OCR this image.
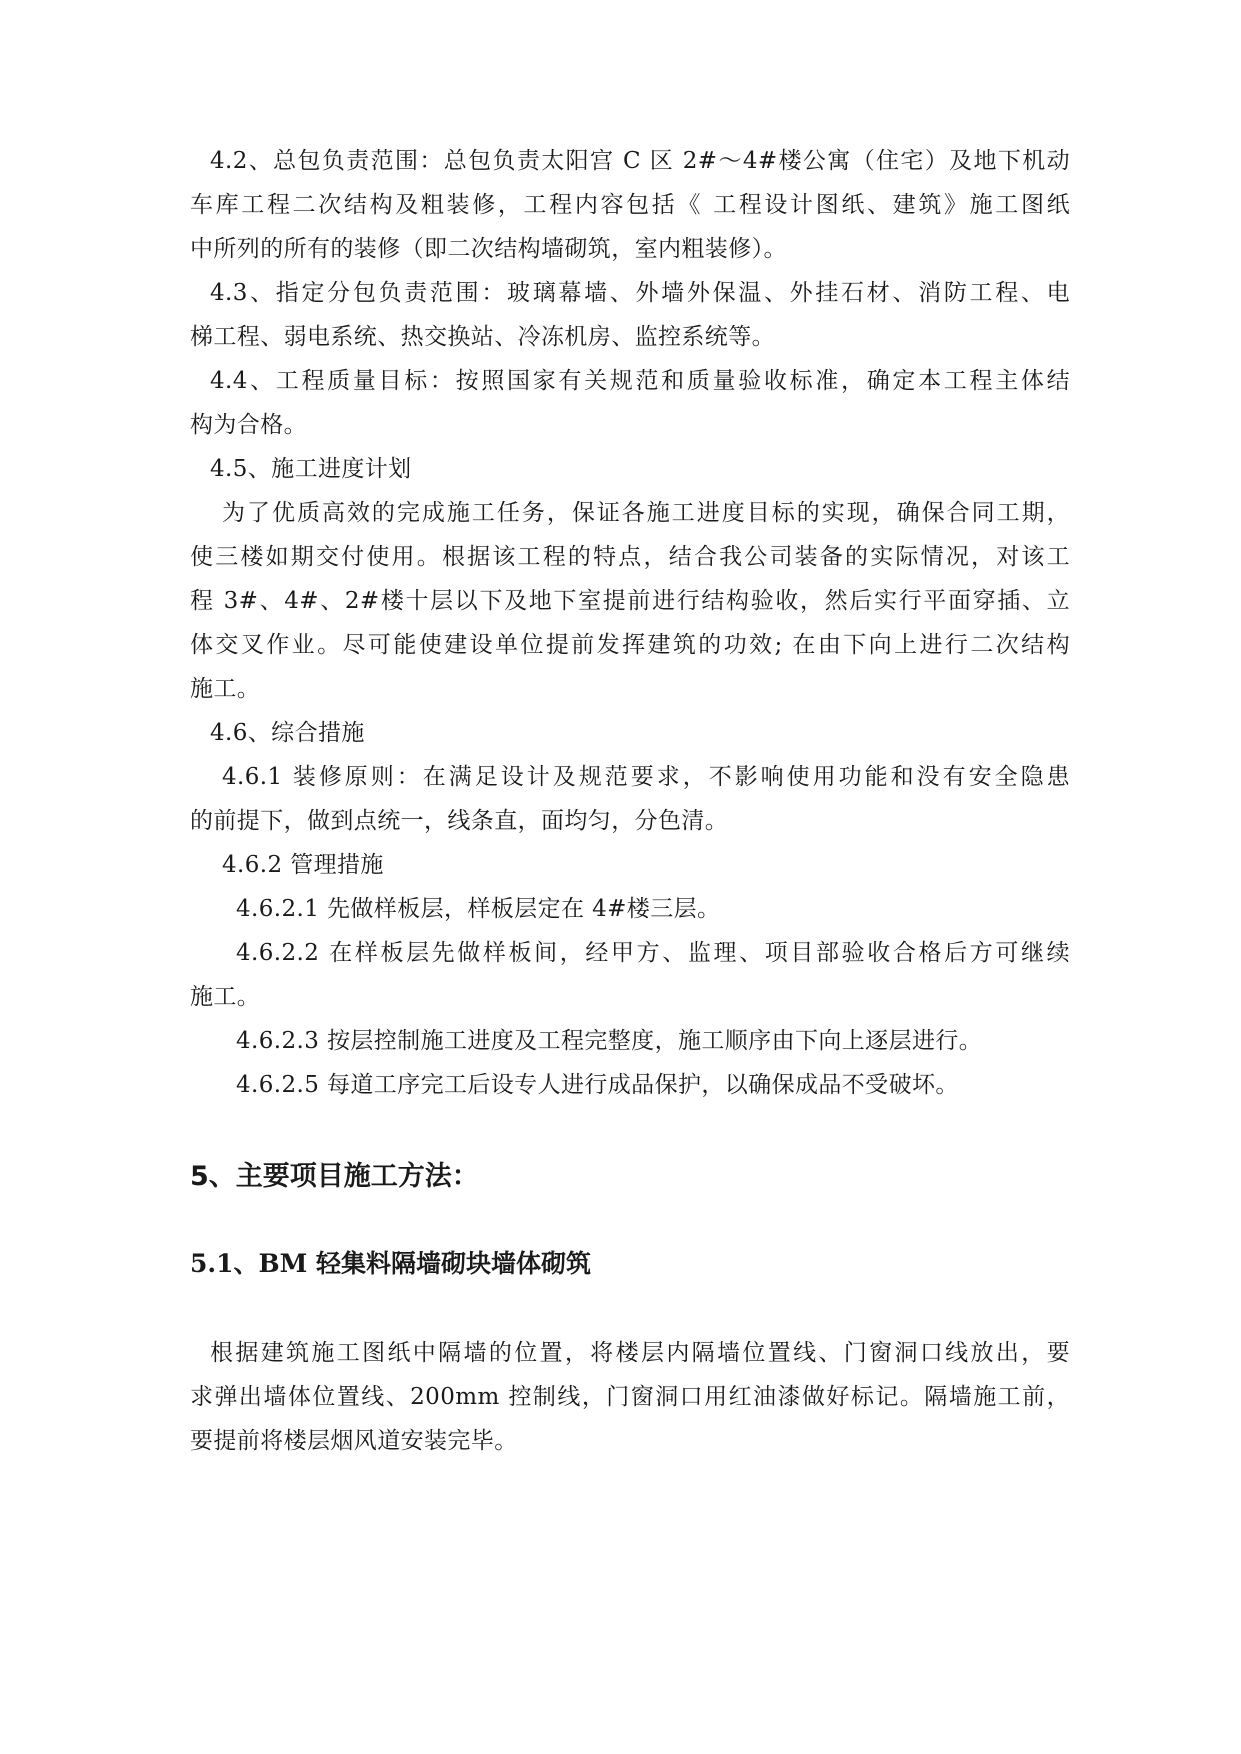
4.2、总包负责范围：总包负责太阳宫 C 区 2#～4#楼公寓（住宅）及地下机动
车库工程二次结构及粗装修，工程内容包括《 工程设计图纸、建筑》施工图纸
中所列的所有的装修（即二次结构墙砌筑，室内粗装修）。
4.3、指定分包负责范围：玻璃幕墙、外墙外保温、外挂石材、消防工程、电
梯工程、弱电系统、热交换站、冷冻机房、监控系统等。
4.4、工程质量目标：按照国家有关规范和质量验收标准，确定本工程主体结
构为合格。
4.5、施工进度计划
为了优质高效的完成施工任务，保证各施工进度目标的实现，确保合同工期，
使三楼如期交付使用。根据该工程的特点，结合我公司装备的实际情况，对该工
程 3#、4#、2#楼十层以下及地下室提前进行结构验收，然后实行平面穿插、立
体交叉作业。尽可能使建设单位提前发挥建筑的功效; 在由下向上进行二次结构
施工。
4.6、综合措施
4.6.1 装修原则：在满足设计及规范要求，不影响使用功能和没有安全隐患
的前提下，做到点统一，线条直，面均匀，分色清。
4.6.2 管理措施
4.6.2.1 先做样板层，样板层定在 4#楼三层。
4.6.2.2 在样板层先做样板间，经甲方、监理、项目部验收合格后方可继续
施工。
4.6.2.3 按层控制施工进度及工程完整度，施工顺序由下向上逐层进行。
4.6.2.5 每道工序完工后设专人进行成品保护，以确保成品不受破坏。
5、主要项目施工方法：
5.1、BM 轻集料隔墙砌块墙体砌筑
根据建筑施工图纸中隔墙的位置，将楼层内隔墙位置线、门窗洞口线放出，要
求弹出墙体位置线、200mm 控制线，门窗洞口用红油漆做好标记。隔墙施工前，
要提前将楼层烟风道安装完毕。
